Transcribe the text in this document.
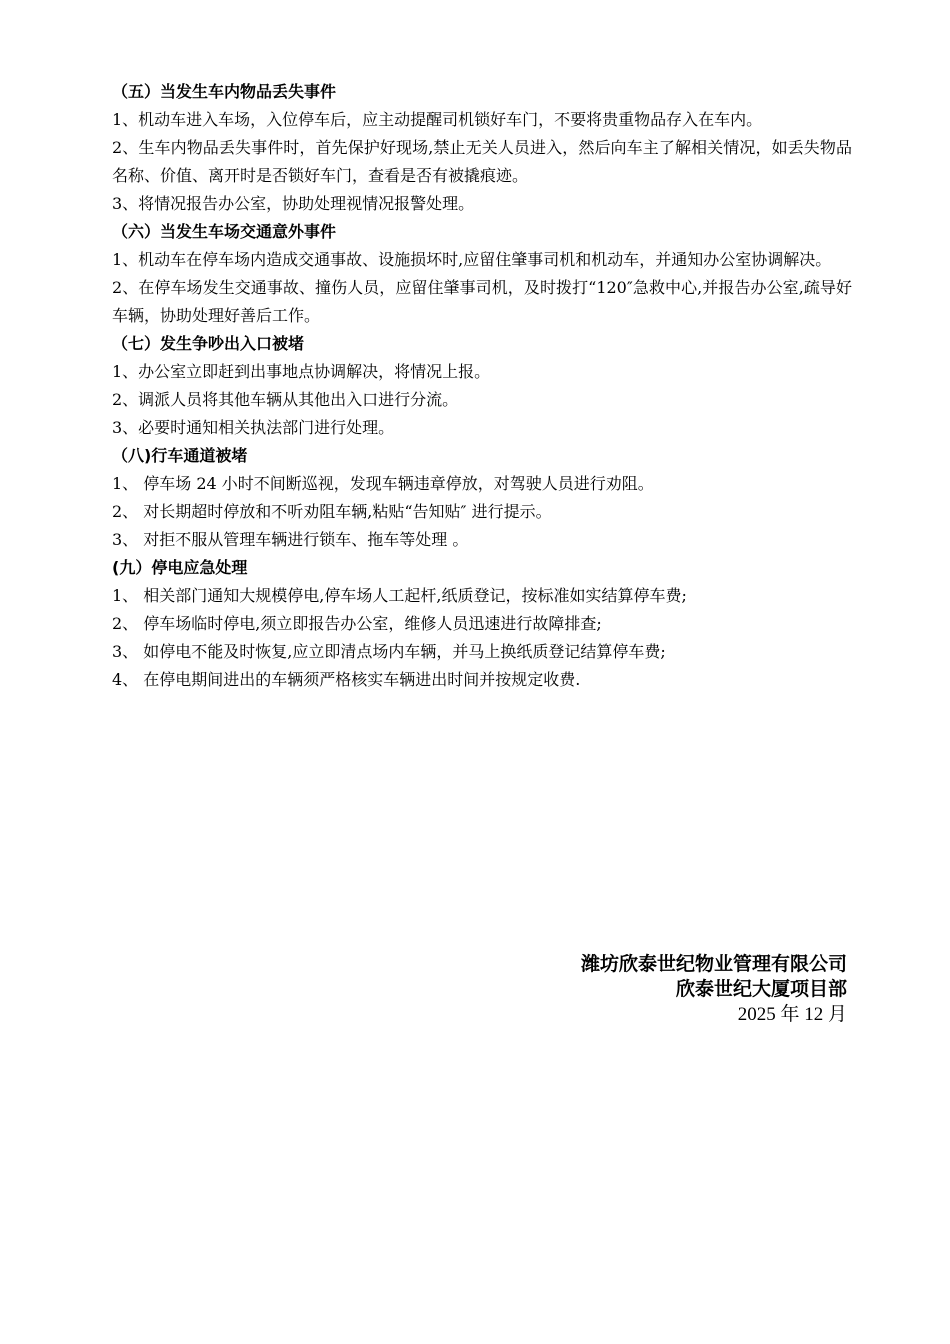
（五）当发生车内物品丢失事件

1、机动车进入车场，入位停车后，应主动提醒司机锁好车门，不要将贵重物品存入在车内。

2、生车内物品丢失事件时，首先保护好现场,禁止无关人员进入，然后向车主了解相关情况，如丢失物品名称、价值、离开时是否锁好车门，查看是否有被撬痕迹。

3、将情况报告办公室，协助处理视情况报警处理。

（六）当发生车场交通意外事件

1、机动车在停车场内造成交通事故、设施损坏时,应留住肇事司机和机动车，并通知办公室协调解决。

2、在停车场发生交通事故、撞伤人员，应留住肇事司机，及时拨打“120″急救中心,并报告办公室,疏导好车辆，协助处理好善后工作。

（七）发生争吵出入口被堵

1、办公室立即赶到出事地点协调解决，将情况上报。

2、调派人员将其他车辆从其他出入口进行分流。

3、必要时通知相关执法部门进行处理。

（八)行车通道被堵

1、 停车场 24 小时不间断巡视，发现车辆违章停放，对驾驶人员进行劝阻。

2、 对长期超时停放和不听劝阻车辆,粘贴“告知贴″ 进行提示。

3、 对拒不服从管理车辆进行锁车、拖车等处理 。

(九）停电应急处理

1、 相关部门通知大规模停电,停车场人工起杆,纸质登记，按标准如实结算停车费;

2、 停车场临时停电,须立即报告办公室，维修人员迅速进行故障排查;

3、 如停电不能及时恢复,应立即清点场内车辆，并马上换纸质登记结算停车费;

4、 在停电期间进出的车辆须严格核实车辆进出时间并按规定收费.

潍坊欣泰世纪物业管理有限公司
欣泰世纪大厦项目部
2025 年 12 月
